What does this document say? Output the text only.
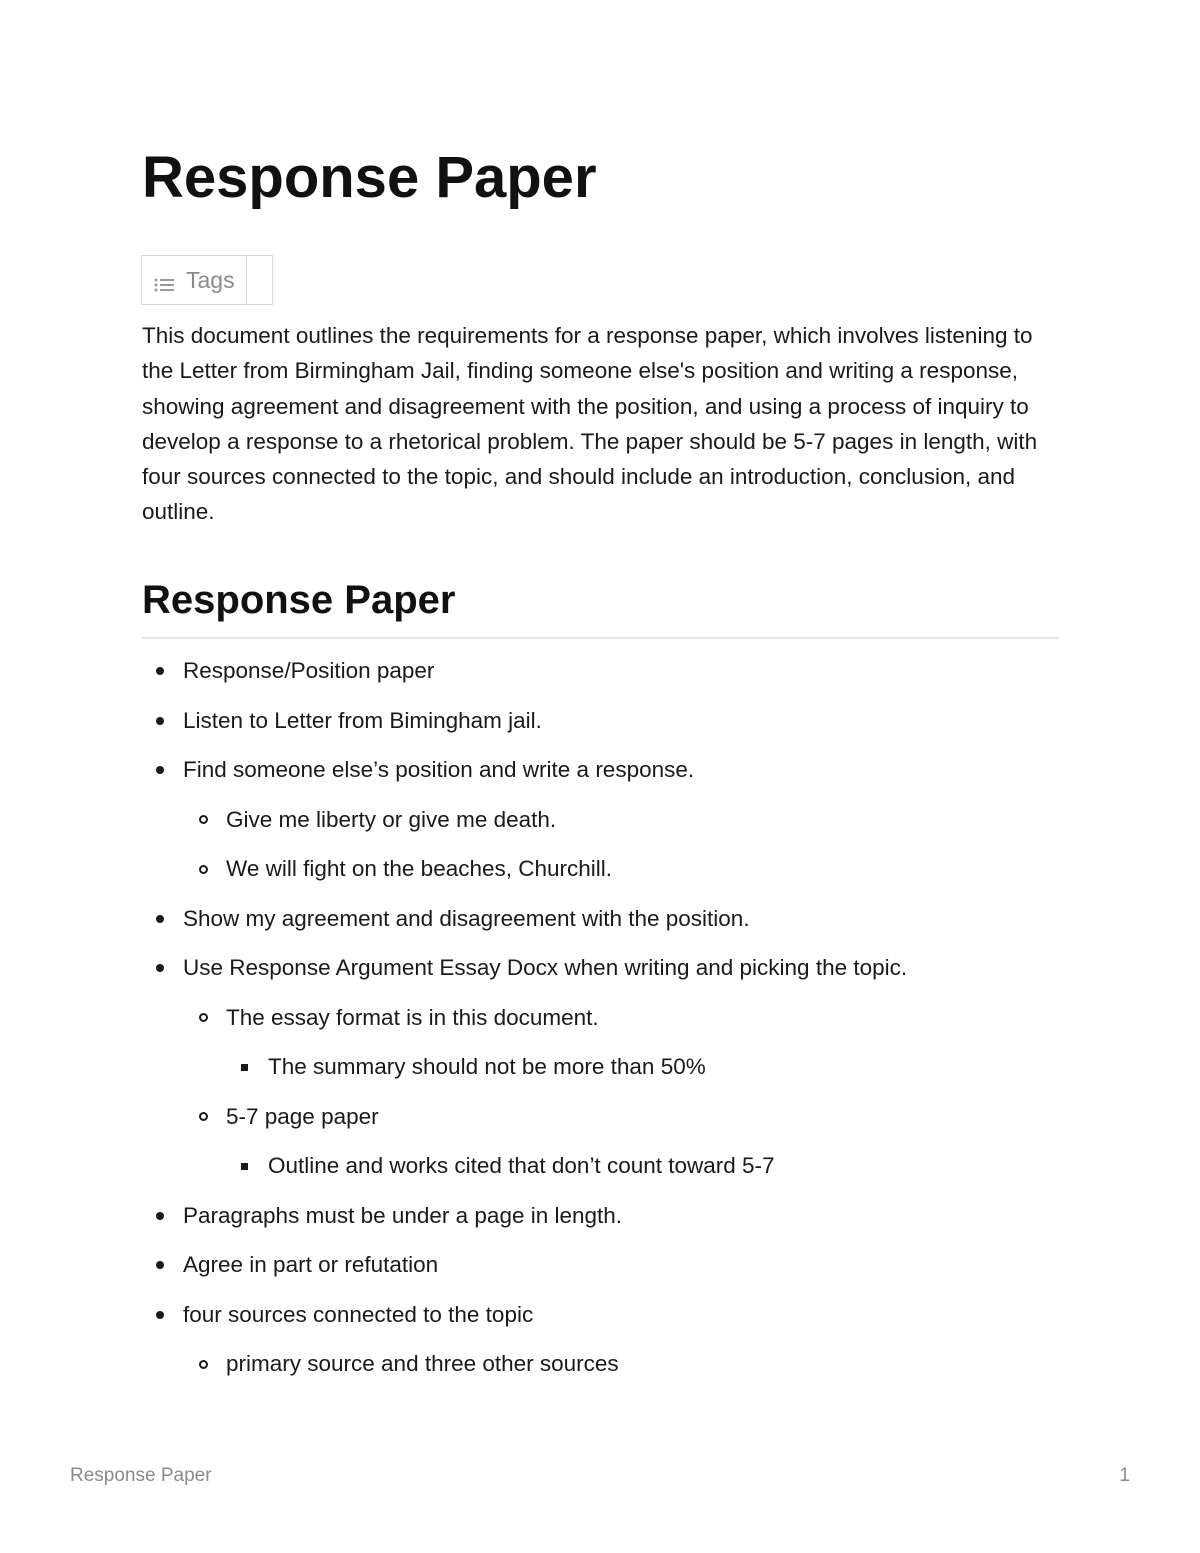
Response Paper
Tags

This document outlines the requirements for a response paper, which involves listening to the Letter from Birmingham Jail, finding someone else's position and writing a response, showing agreement and disagreement with the position, and using a process of inquiry to develop a response to a rhetorical problem. The paper should be 5-7 pages in length, with four sources connected to the topic, and should include an introduction, conclusion, and outline.

Response Paper
Response/Position paper
Listen to Letter from Bimingham jail.
Find someone else’s position and write a response.
Give me liberty or give me death.
We will fight on the beaches, Churchill.
Show my agreement and disagreement with the position.
Use Response Argument Essay Docx when writing and picking the topic.
The essay format is in this document.
The summary should not be more than 50%
5-7 page paper
Outline and works cited that don’t count toward 5-7
Paragraphs must be under a page in length.
Agree in part or refutation
four sources connected to the topic
primary source and three other sources
Response Paper	1
